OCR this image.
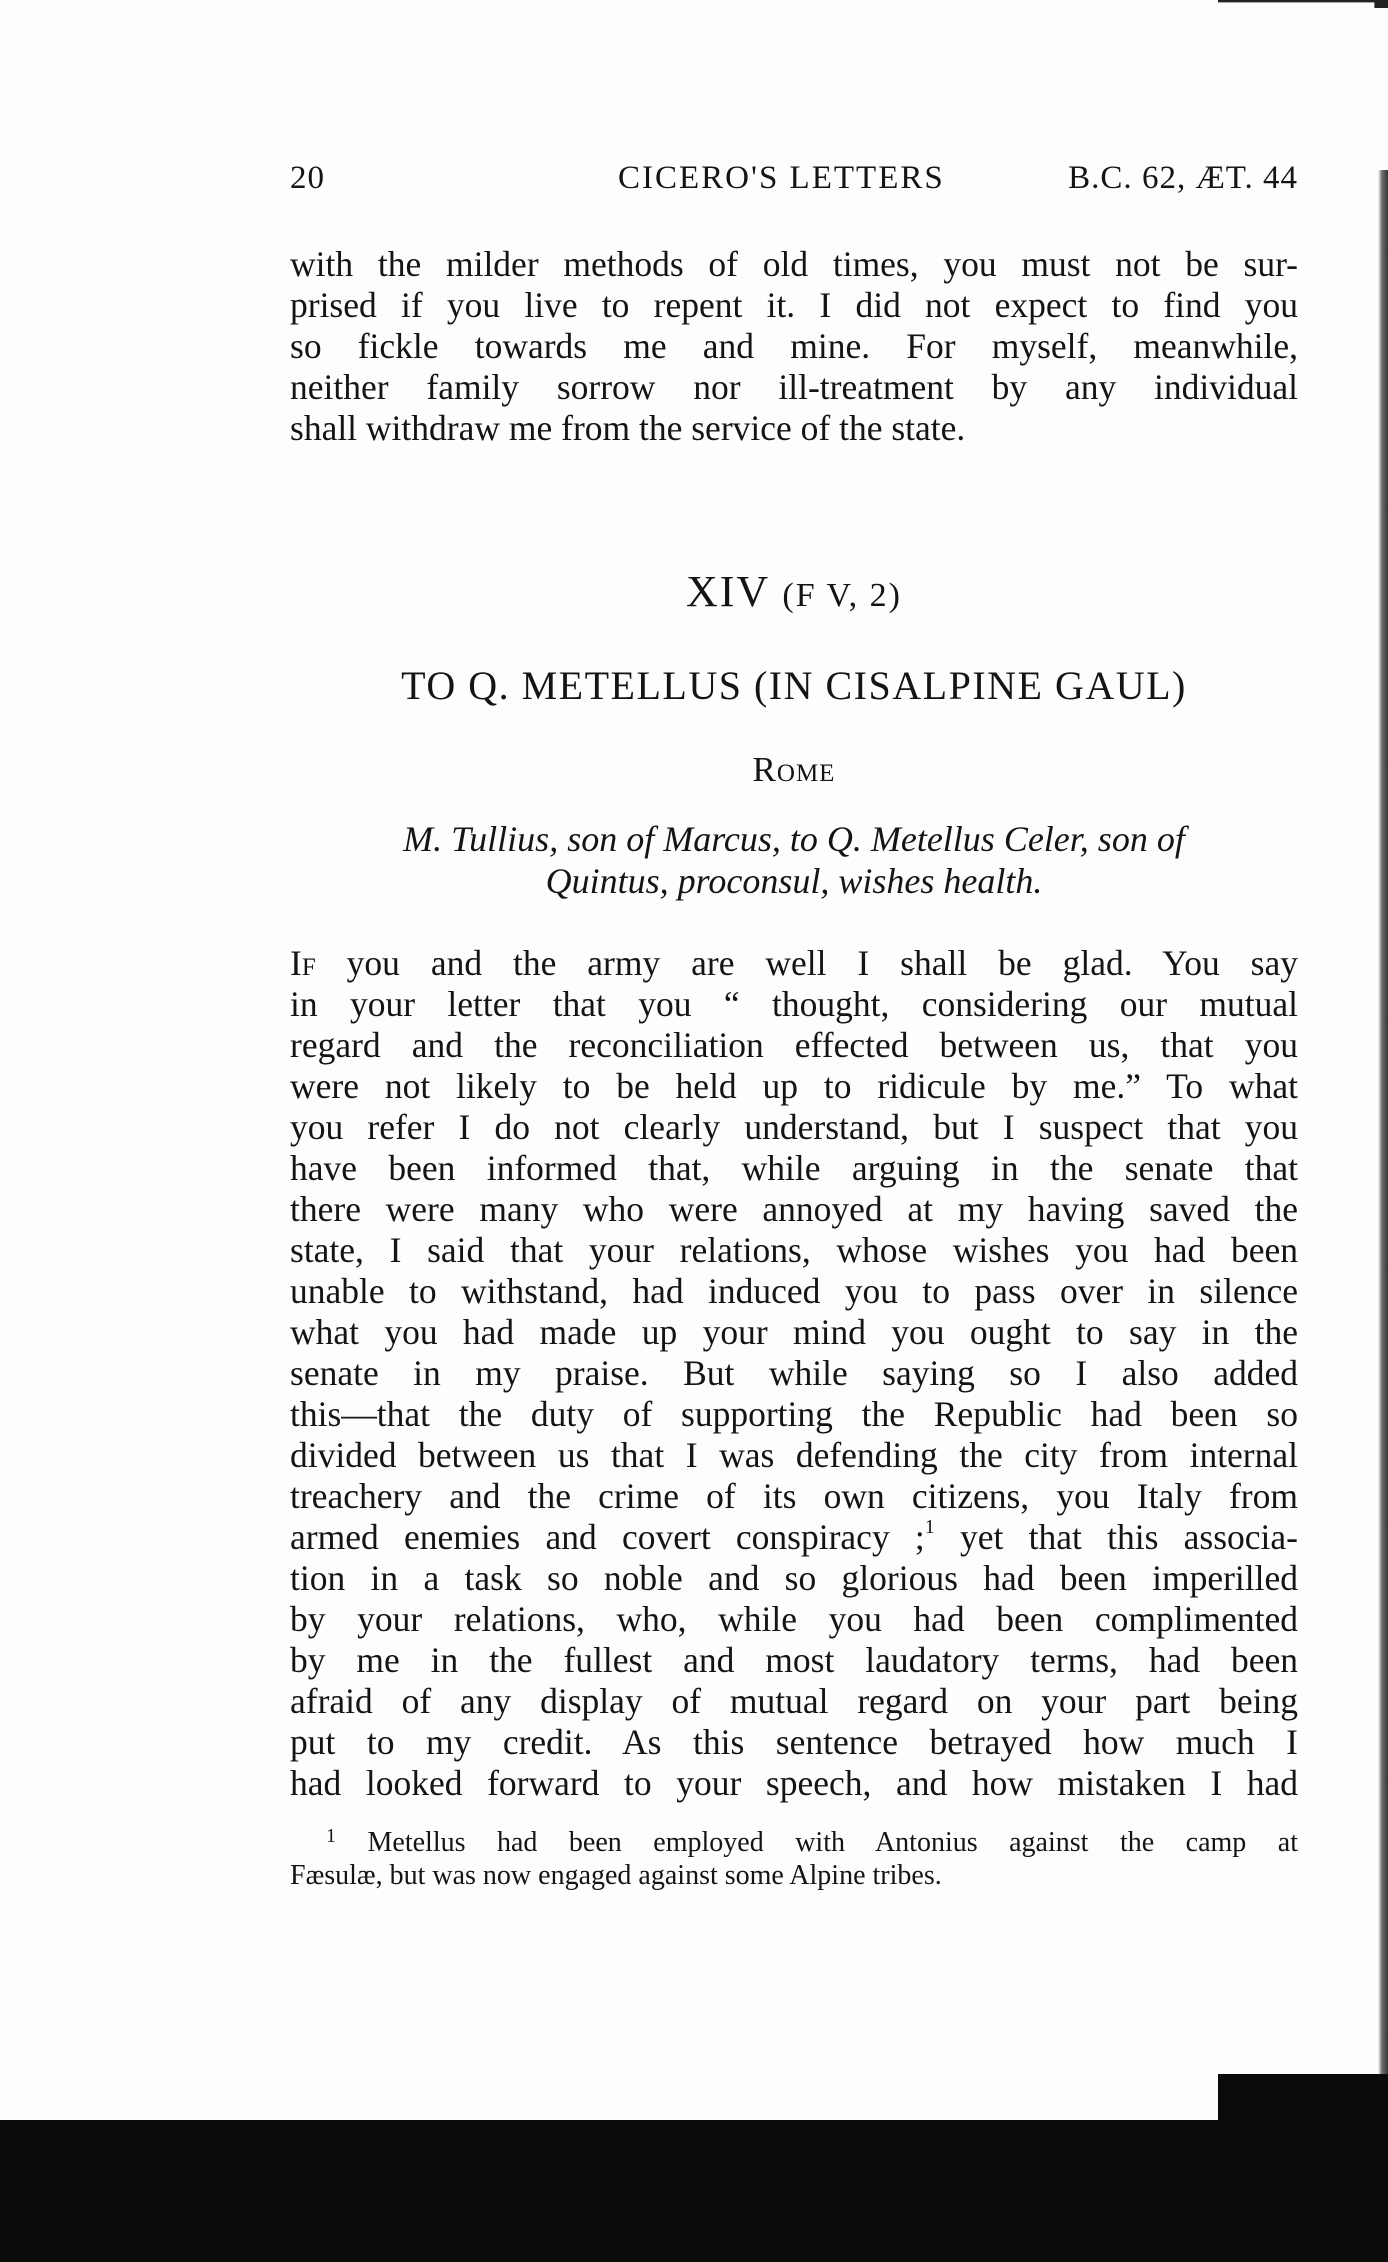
20	CICERO'S LETTERS	B.C. 62, ÆT. 44
with the milder methods of old times, you must not be sur-
prised if you live to repent it. I did not expect to find you
so fickle towards me and mine. For myself, meanwhile,
neither family sorrow nor ill-treatment by any individual
shall withdraw me from the service of the state.
XIV (F V, 2)
TO Q. METELLUS (IN CISALPINE GAUL)
Rome
M. Tullius, son of Marcus, to Q. Metellus Celer, son of
Quintus, proconsul, wishes health.
If you and the army are well I shall be glad. You say
in your letter that you “ thought, considering our mutual
regard and the reconciliation effected between us, that you
were not likely to be held up to ridicule by me.” To what
you refer I do not clearly understand, but I suspect that you
have been informed that, while arguing in the senate that
there were many who were annoyed at my having saved the
state, I said that your relations, whose wishes you had been
unable to withstand, had induced you to pass over in silence
what you had made up your mind you ought to say in the
senate in my praise. But while saying so I also added
this—that the duty of supporting the Republic had been so
divided between us that I was defending the city from internal
treachery and the crime of its own citizens, you Italy from
armed enemies and covert conspiracy ;$^1$ yet that this associa-
tion in a task so noble and so glorious had been imperilled
by your relations, who, while you had been complimented
by me in the fullest and most laudatory terms, had been
afraid of any display of mutual regard on your part being
put to my credit. As this sentence betrayed how much I
had looked forward to your speech, and how mistaken I had
$^1$ Metellus had been employed with Antonius against the camp at
Fæsulæ, but was now engaged against some Alpine tribes.
